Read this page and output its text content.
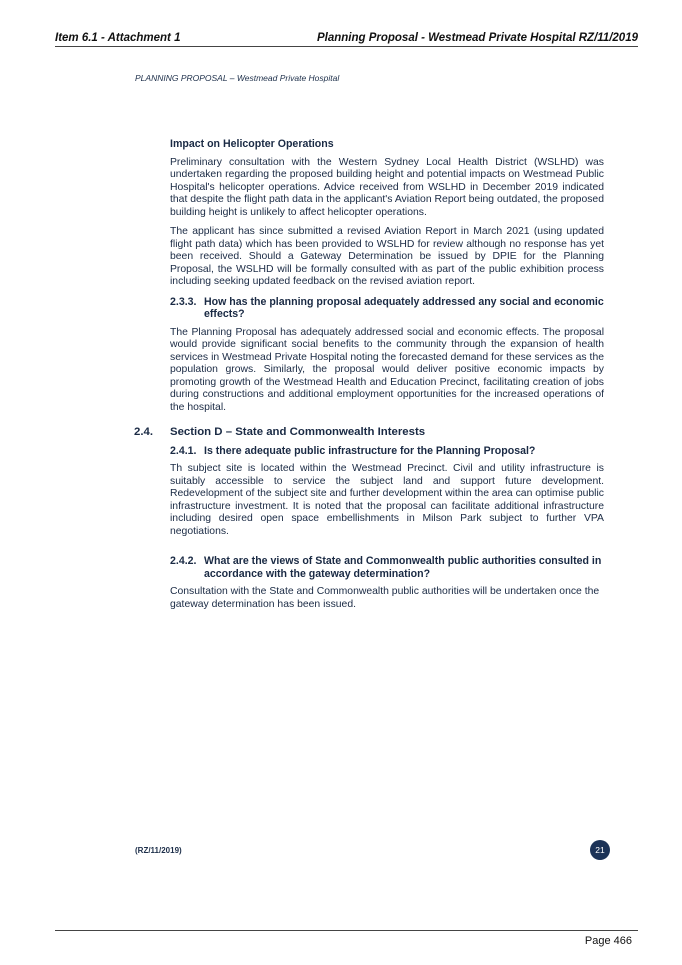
Item 6.1 - Attachment 1	Planning Proposal - Westmead Private Hospital RZ/11/2019
PLANNING PROPOSAL – Westmead Private Hospital
Impact on Helicopter Operations

Preliminary consultation with the Western Sydney Local Health District (WSLHD) was undertaken regarding the proposed building height and potential impacts on Westmead Public Hospital's helicopter operations. Advice received from WSLHD in December 2019 indicated that despite the flight path data in the applicant's Aviation Report being outdated, the proposed building height is unlikely to affect helicopter operations.

The applicant has since submitted a revised Aviation Report in March 2021 (using updated flight path data) which has been provided to WSLHD for review although no response has yet been received. Should a Gateway Determination be issued by DPIE for the Planning Proposal, the WSLHD will be formally consulted with as part of the public exhibition process including seeking updated feedback on the revised aviation report.

2.3.3. How has the planning proposal adequately addressed any social and economic effects?

The Planning Proposal has adequately addressed social and economic effects. The proposal would provide significant social benefits to the community through the expansion of health services in Westmead Private Hospital noting the forecasted demand for these services as the population grows. Similarly, the proposal would deliver positive economic impacts by promoting growth of the Westmead Health and Education Precinct, facilitating creation of jobs during constructions and additional employment opportunities for the increased operations of the hospital.

2.4.	Section D – State and Commonwealth Interests
2.4.1. Is there adequate public infrastructure for the Planning Proposal?

Th subject site is located within the Westmead Precinct. Civil and utility infrastructure is suitably accessible to service the subject land and support future development. Redevelopment of the subject site and further development within the area can optimise public infrastructure investment. It is noted that the proposal can facilitate additional infrastructure including desired open space embellishments in Milson Park subject to further VPA negotiations.

2.4.2. What are the views of State and Commonwealth public authorities consulted in accordance with the gateway determination?

Consultation with the State and Commonwealth public authorities will be undertaken once the gateway determination has been issued.

(RZ/11/2019)	21
Page 466
